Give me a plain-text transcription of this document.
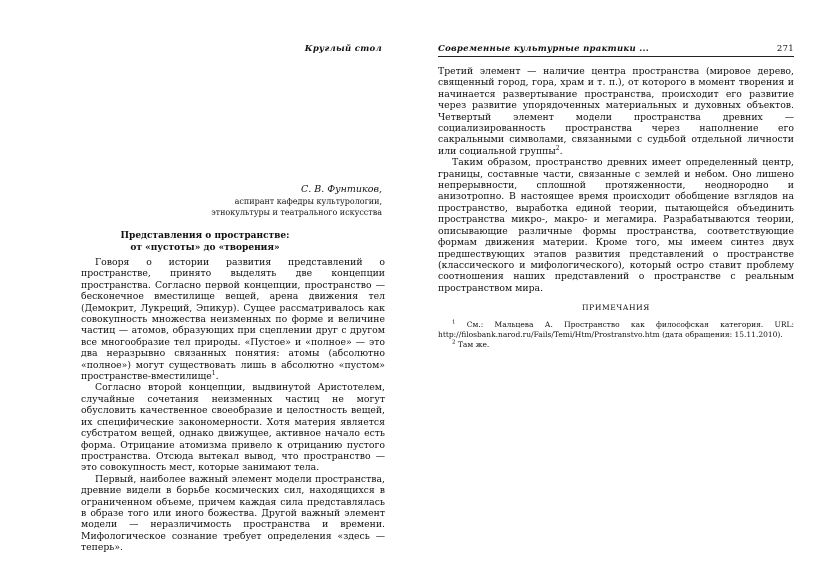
Круглый стол
С. В. Фунтиков,
аспирант кафедры культурологии,
этнокультуры и театрального искусства
Представления о пространстве:
от «пустоты» до «творения»

Говоря о истории развития представлений о пространстве, принято выделять две концепции пространства. Согласно первой концепции, пространство — бесконечное вместилище вещей, арена движения тел (Демокрит, Лукреций, Эпикур). Сущее рассматривалось как совокупность множества неизменных по форме и величине частиц — атомов, образующих при сцеплении друг с другом все многообразие тел природы. «Пустое» и «полное» — это два неразрывно связанных понятия: атомы (абсолютно «полное») могут существовать лишь в абсолютно «пустом» пространстве-вместилище$^1$.

Согласно второй концепции, выдвинутой Аристотелем, случайные сочетания неизменных частиц не могут обусловить качественное своеобразие и целостность вещей, их специфические закономерности. Хотя материя является субстратом вещей, однако движущее, активное начало есть форма. Отрицание атомизма привело к отрицанию пустого пространства. Отсюда вытекал вывод, что пространство — это совокупность мест, которые занимают тела.

Первый, наиболее важный элемент модели пространства, древние видели в борьбе космических сил, находящихся в ограниченном объеме, причем каждая сила представлялась в образе того или иного божества. Другой важный элемент модели — неразличимость пространства и времени. Мифологическое сознание требует определения «здесь — теперь».

Современные культурные практики ...	271

Третий элемент — наличие центра пространства (мировое дерево, священный город, гора, храм и т. п.), от которого в момент творения и начинается развертывание пространства, происходит его развитие через развитие упорядоченных материальных и духовных объектов. Четвертый элемент модели пространства древних — социализированность пространства через наполнение его сакральными символами, связанными с судьбой отдельной личности или социальной группы$^2$.

Таким образом, пространство древних имеет определенный центр, границы, составные части, связанные с землей и небом. Оно лишено непрерывности, сплошной протяженности, неоднородно и анизотропно. В настоящее время происходит обобщение взглядов на пространство, выработка единой теории, пытающейся объединить пространства микро-, макро- и мегамира. Разрабатываются теории, описывающие различные формы пространства, соответствующие формам движения материи. Кроме того, мы имеем синтез двух предшествующих этапов развития представлений о пространстве (классического и мифологического), который остро ставит проблему соотношения наших представлений о пространстве с реальным пространством мира.

ПРИМЕЧАНИЯ

$^1$ См.: Мальцева А. Пространство как философская категория. URL: http://filosbank.narod.ru/Fails/Temi/Htm/Prostranstvo.htm (дата обращения: 15.11.2010).

$^2$ Там же.
